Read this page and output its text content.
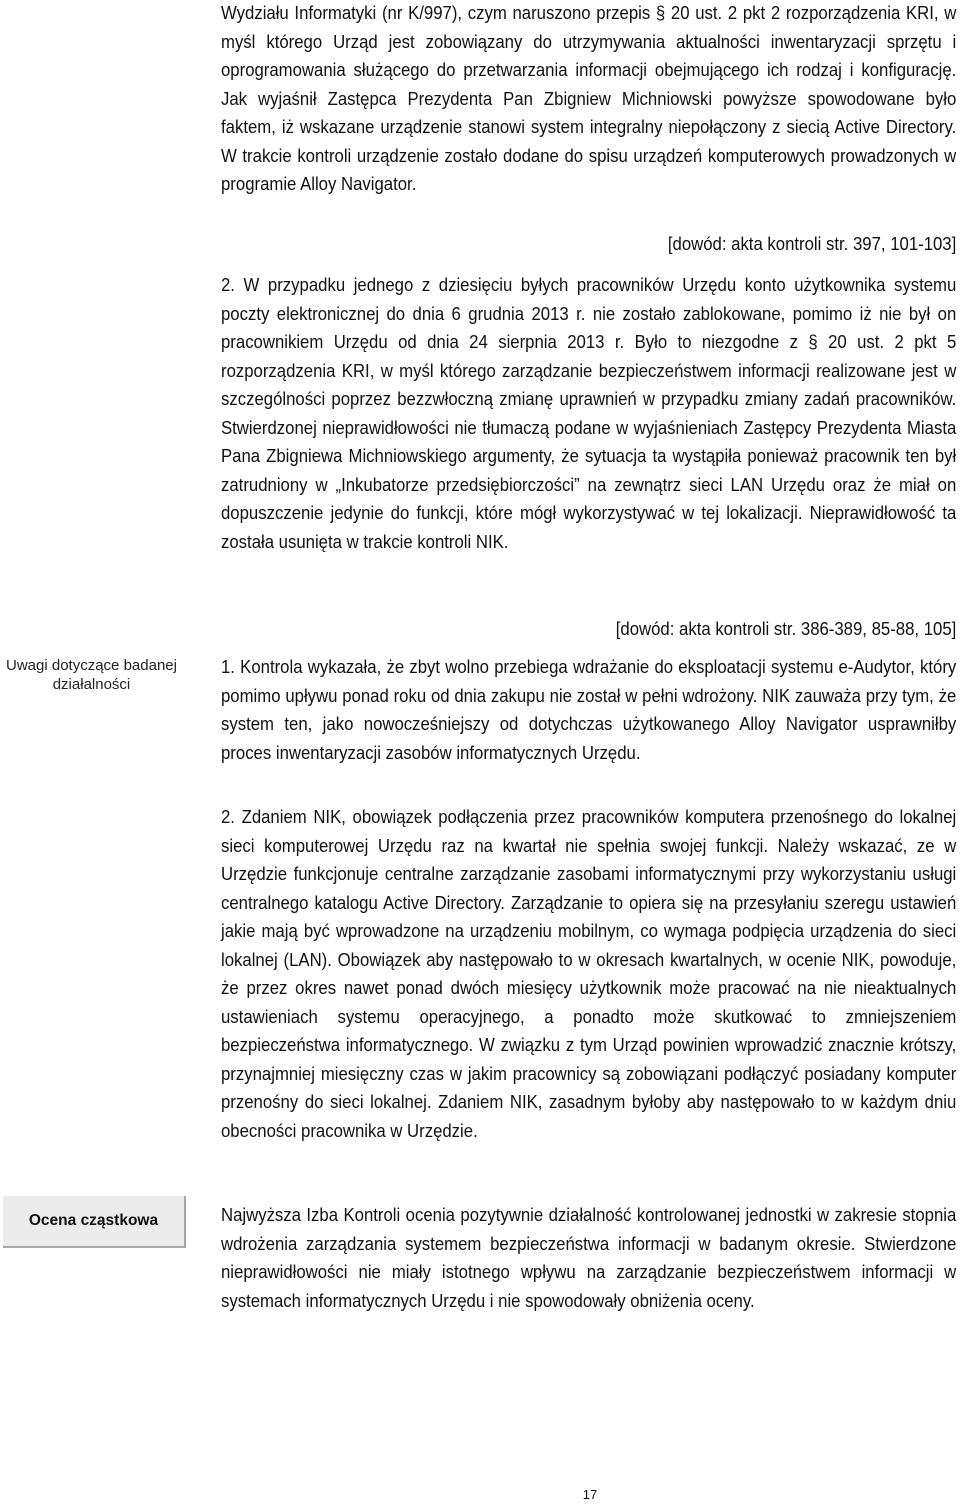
Uwagi dotyczące badanej działalności
Ocena cząstkowa

Wydziału Informatyki (nr K/997), czym naruszono przepis § 20 ust. 2 pkt 2 rozporządzenia KRI, w myśl którego Urząd jest zobowiązany do utrzymywania aktualności inwentaryzacji sprzętu i oprogramowania służącego do przetwarzania informacji obejmującego ich rodzaj i konfigurację. Jak wyjaśnił Zastępca Prezydenta Pan Zbigniew Michniowski powyższe spowodowane było faktem, iż wskazane urządzenie stanowi system integralny niepołączony z siecią Active Directory. W trakcie kontroli urządzenie zostało dodane do spisu urządzeń komputerowych prowadzonych w programie Alloy Navigator.

[dowód: akta kontroli str. 397, 101-103]

2. W przypadku jednego z dziesięciu byłych pracowników Urzędu konto użytkownika systemu poczty elektronicznej do dnia 6 grudnia 2013 r. nie zostało zablokowane, pomimo iż nie był on pracownikiem Urzędu od dnia 24 sierpnia 2013 r. Było to niezgodne z § 20 ust. 2 pkt 5 rozporządzenia KRI, w myśl którego zarządzanie bezpieczeństwem informacji realizowane jest w szczególności poprzez bezzwłoczną zmianę uprawnień w przypadku zmiany zadań pracowników. Stwierdzonej nieprawidłowości nie tłumaczą podane w wyjaśnieniach Zastępcy Prezydenta Miasta Pana Zbigniewa Michniowskiego argumenty, że sytuacja ta wystąpiła ponieważ pracownik ten był zatrudniony w „Inkubatorze przedsiębiorczości” na zewnątrz sieci LAN Urzędu oraz że miał on dopuszczenie jedynie do funkcji, które mógł wykorzystywać w tej lokalizacji. Nieprawidłowość ta została usunięta w trakcie kontroli NIK.

[dowód: akta kontroli str. 386-389, 85-88, 105]

1. Kontrola wykazała, że zbyt wolno przebiega wdrażanie do eksploatacji systemu e-Audytor, który pomimo upływu ponad roku od dnia zakupu nie został w pełni wdrożony. NIK zauważa przy tym, że system ten, jako nowocześniejszy od dotychczas użytkowanego Alloy Navigator usprawniłby proces inwentaryzacji zasobów informatycznych Urzędu.

2. Zdaniem NIK, obowiązek podłączenia przez pracowników komputera przenośnego do lokalnej sieci komputerowej Urzędu raz na kwartał nie spełnia swojej funkcji. Należy wskazać, ze w Urzędzie funkcjonuje centralne zarządzanie zasobami informatycznymi przy wykorzystaniu usługi centralnego katalogu Active Directory. Zarządzanie to opiera się na przesyłaniu szeregu ustawień jakie mają być wprowadzone na urządzeniu mobilnym, co wymaga podpięcia urządzenia do sieci lokalnej (LAN). Obowiązek aby następowało to w okresach kwartalnych, w ocenie NIK, powoduje, że przez okres nawet ponad dwóch miesięcy użytkownik może pracować na nie nieaktualnych ustawieniach systemu operacyjnego, a ponadto może skutkować to zmniejszeniem bezpieczeństwa informatycznego. W związku z tym Urząd powinien wprowadzić znacznie krótszy, przynajmniej miesięczny czas w jakim pracownicy są zobowiązani podłączyć posiadany komputer przenośny do sieci lokalnej. Zdaniem NIK, zasadnym byłoby aby następowało to w każdym dniu obecności pracownika w Urzędzie.

Najwyższa Izba Kontroli ocenia pozytywnie działalność kontrolowanej jednostki w zakresie stopnia wdrożenia zarządzania systemem bezpieczeństwa informacji w badanym okresie. Stwierdzone nieprawidłowości nie miały istotnego wpływu na zarządzanie bezpieczeństwem informacji w systemach informatycznych Urzędu i nie spowodowały obniżenia oceny.

17
